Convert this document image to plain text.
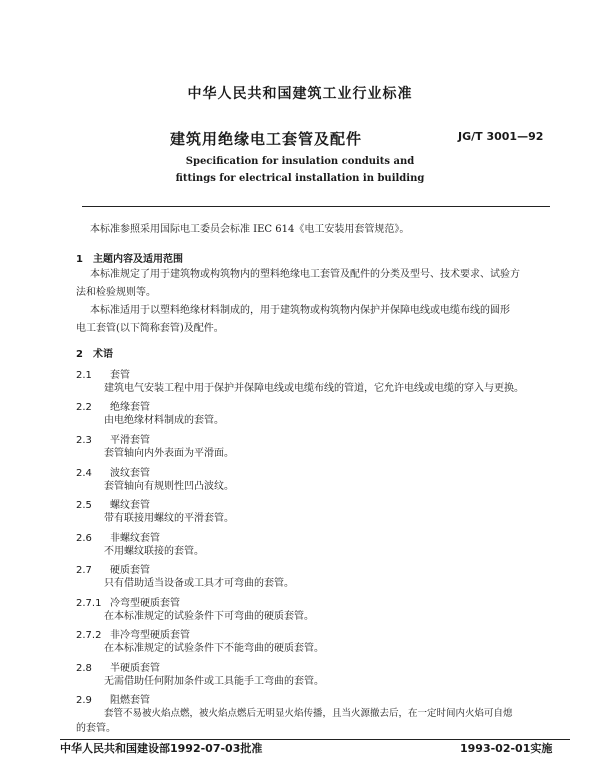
中华人民共和国建筑工业行业标准
建筑用绝缘电工套管及配件	JG/T 3001—92
Specification for insulation conduits and
fittings for electrical installation in building
本标准参照采用国际电工委员会标准 IEC 614《电工安装用套管规范》。
1　主题内容及适用范围
本标准规定了用于建筑物或构筑物内的塑料绝缘电工套管及配件的分类及型号、技术要求、试验方
法和检验规则等。
本标准适用于以塑料绝缘材料制成的，用于建筑物或构筑物内保护并保障电线或电缆布线的圆形
电工套管(以下简称套管)及配件。
2　术语
2.1 套管
建筑电气安装工程中用于保护并保障电线或电缆布线的管道，它允许电线或电缆的穿入与更换。
2.2 绝缘套管
由电绝缘材料制成的套管。
2.3 平滑套管
套管轴向内外表面为平滑面。
2.4 波纹套管
套管轴向有规则性凹凸波纹。
2.5 螺纹套管
带有联接用螺纹的平滑套管。
2.6 非螺纹套管
不用螺纹联接的套管。
2.7 硬质套管
只有借助适当设备或工具才可弯曲的套管。
2.7.1 冷弯型硬质套管
在本标准规定的试验条件下可弯曲的硬质套管。
2.7.2 非冷弯型硬质套管
在本标准规定的试验条件下不能弯曲的硬质套管。
2.8 半硬质套管
无需借助任何附加条件或工具能手工弯曲的套管。
2.9 阻燃套管
套管不易被火焰点燃，被火焰点燃后无明显火焰传播，且当火源撤去后，在一定时间内火焰可自熄
的套管。
中华人民共和国建设部1992-07-03批准	1993-02-01实施
